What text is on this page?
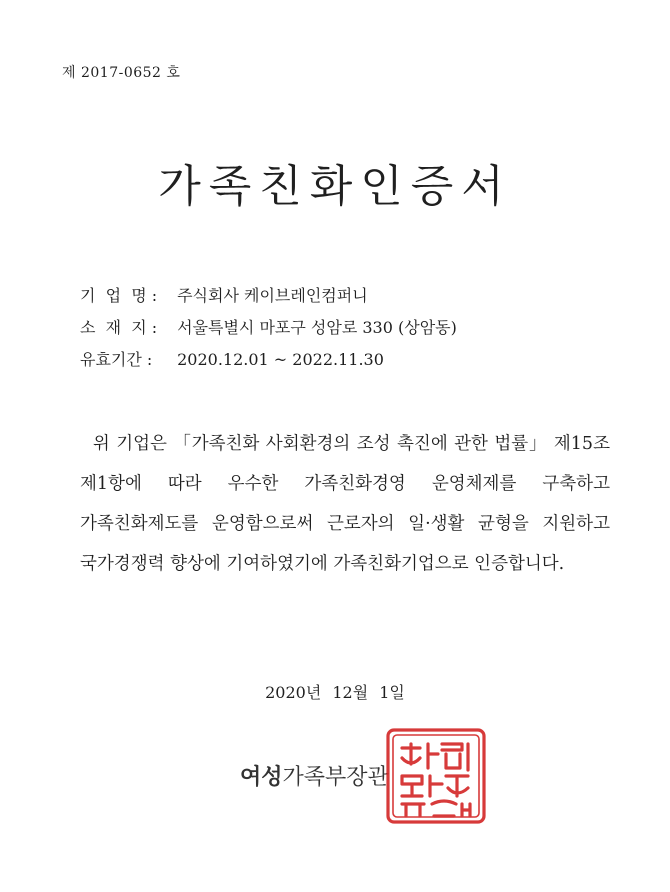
제 2017-0652 호
가족친화인증서
기  업  명 : 주식회사 케이브레인컴퍼니
소  재  지 : 서울특별시 마포구 성암로 330 (상암동)
유효기간 : 2020.12.01 ~ 2022.11.30
위 기업은 「가족친화 사회환경의 조성 촉진에 관한 법률」 제15조 제1항에 따라 우수한 가족친화경영 운영체제를 구축하고 가족친화제도를 운영함으로써 근로자의 일·생활 균형을 지원하고 국가경쟁력 향상에 기여하였기에 가족친화기업으로 인증합니다.
2020년 12월 1일
여성가족부장관
